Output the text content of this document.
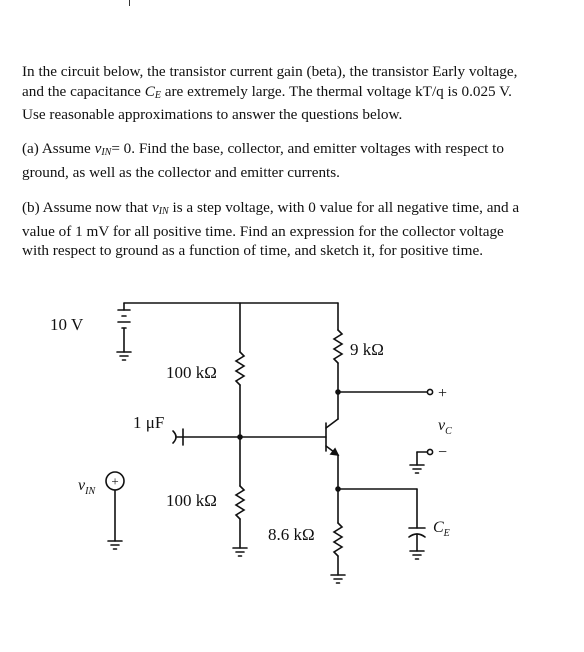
In the circuit below, the transistor current gain (beta), the transistor Early voltage,
and the capacitance $C_E$ are extremely large. The thermal voltage kT/q is 0.025 V.
Use reasonable approximations to answer the questions below.

(a) Assume $v_{IN}= 0$. Find the base, collector, and emitter voltages with respect to
ground, as well as the collector and emitter currents.

(b) Assume now that $v_{IN}$ is a step voltage, with 0 value for all negative time, and a
value of 1 mV for all positive time. Find an expression for the collector voltage
with respect to ground as a function of time, and sketch it, for positive time.

+
10 V
100 kΩ
100 kΩ
9 kΩ
8.6 kΩ
1 μF
$v_{IN}$
+
$v_C$
−
$C_E$
